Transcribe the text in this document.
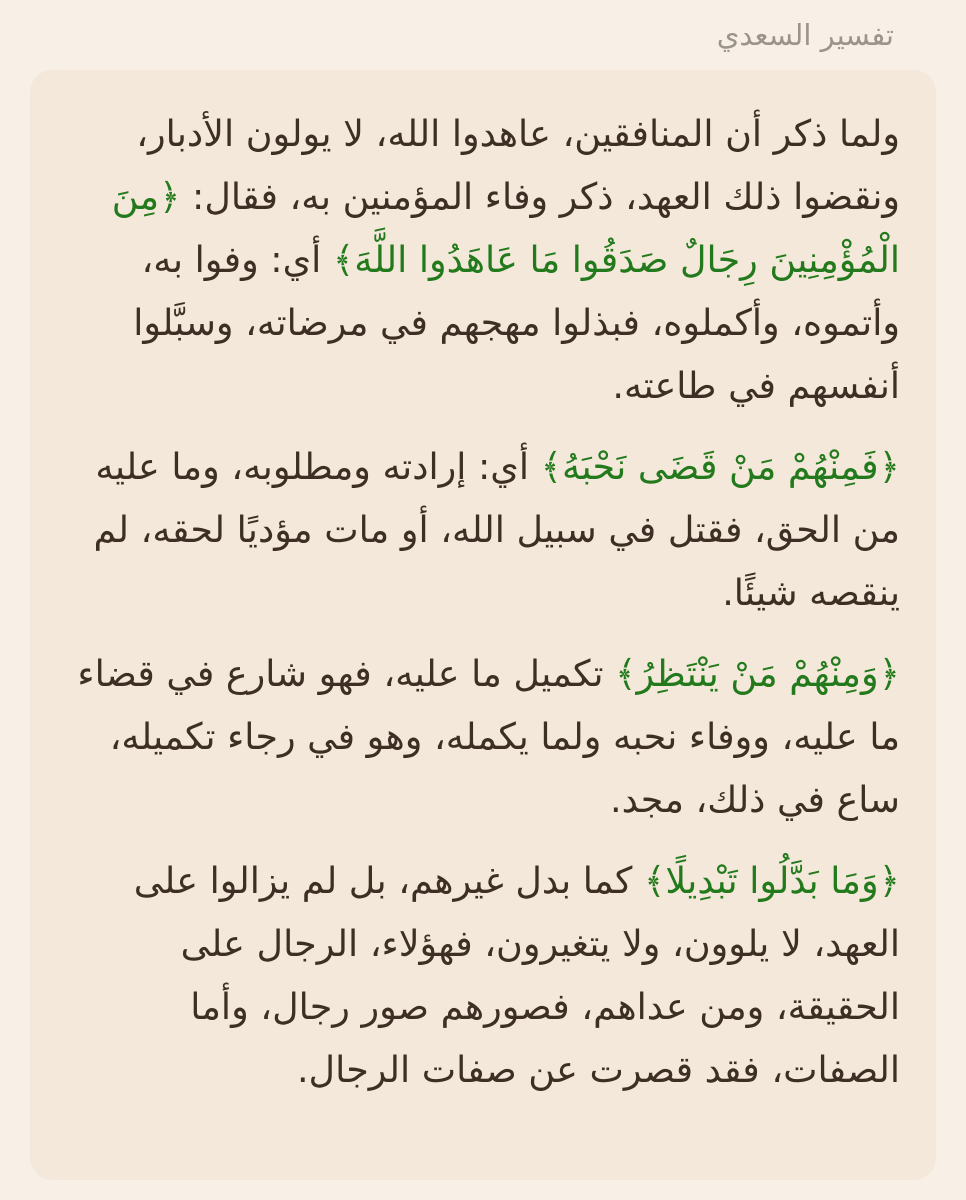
تفسير السعدي

ولما ذكر أن المنافقين، عاهدوا الله، لا يولون الأدبار، ونقضوا ذلك العهد، ذكر وفاء المؤمنين به، فقال: ﴿مِنَ الْمُؤْمِنِينَ رِجَالٌ صَدَقُوا مَا عَاهَدُوا اللَّهَ﴾ أي: وفوا به، وأتموه، وأكملوه، فبذلوا مهجهم في مرضاته، وسبَّلوا أنفسهم في طاعته.

﴿فَمِنْهُمْ مَنْ قَضَى نَحْبَهُ﴾ أي: إرادته ومطلوبه، وما عليه من الحق، فقتل في سبيل الله، أو مات مؤديًا لحقه، لم ينقصه شيئًا.

﴿وَمِنْهُمْ مَنْ يَنْتَظِرُ﴾ تكميل ما عليه، فهو شارع في قضاء ما عليه، ووفاء نحبه ولما يكمله، وهو في رجاء تكميله، ساع في ذلك، مجد.

﴿وَمَا بَدَّلُوا تَبْدِيلًا﴾ كما بدل غيرهم، بل لم يزالوا على العهد، لا يلوون، ولا يتغيرون، فهؤلاء، الرجال على الحقيقة، ومن عداهم، فصورهم صور رجال، وأما الصفات، فقد قصرت عن صفات الرجال.
